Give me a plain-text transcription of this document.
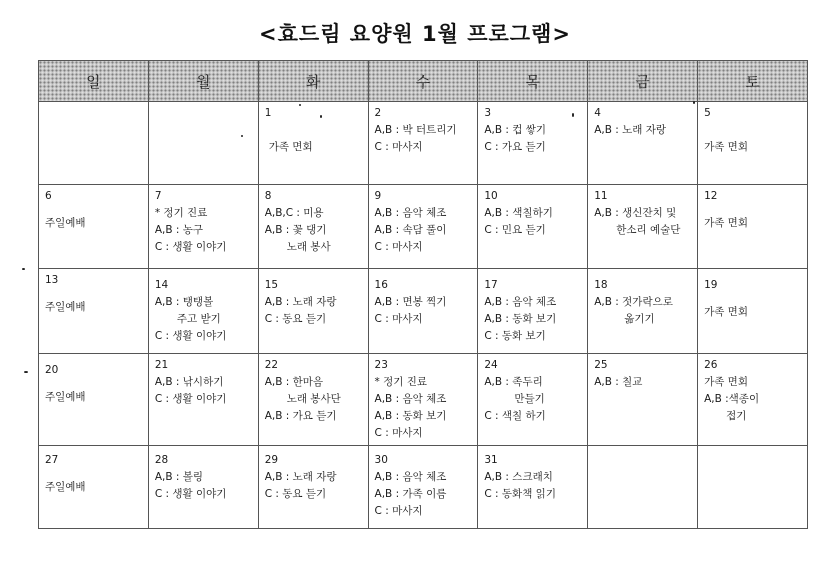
<효드림 요양원 1월 프로그램>
일	월	화	수	목	금	토

		1
가족 면회	2
A,B : 박 터트리기
C : 마사지	3
A,B : 컵 쌓기
C : 가요 듣기	4
A,B : 노래 자랑	5
가족 면회

6
주일예배	7
* 정기 진료
A,B : 농구
C : 생활 이야기	8
A,B,C : 미용
A,B : 꽃 댕기
노래 봉사	9
A,B : 음악 체조
A,B : 속담 풀이
C : 마사지	10
A,B : 색칠하기
C : 민요 듣기	11
A,B : 생신잔치 및
한소리 예술단	12
가족 면회

13
주일예배	14
A,B : 탱탱볼
주고 받기
C : 생활 이야기	15
A,B : 노래 자랑
C : 동요 듣기	16
A,B : 면봉 찍기
C : 마사지	17
A,B : 음악 체조
A,B : 동화 보기
C : 동화 보기	18
A,B : 젓가락으로
옮기기	19
가족 면회

20
주일예배	21
A,B : 낚시하기
C : 생활 이야기	22
A,B : 한마음
노래 봉사단
A,B : 가요 듣기	23
* 정기 진료
A,B : 음악 체조
A,B : 동화 보기
C : 마사지	24
A,B : 족두리
만들기
C : 색칠 하기	25
A,B : 칠교	26
가족 면회
A,B :색종이
접기

27
주일예배	28
A,B : 볼링
C : 생활 이야기	29
A,B : 노래 자랑
C : 동요 듣기	30
A,B : 음악 체조
A,B : 가족 이름
C : 마사지	31
A,B : 스크래치
C : 동화책 읽기		
